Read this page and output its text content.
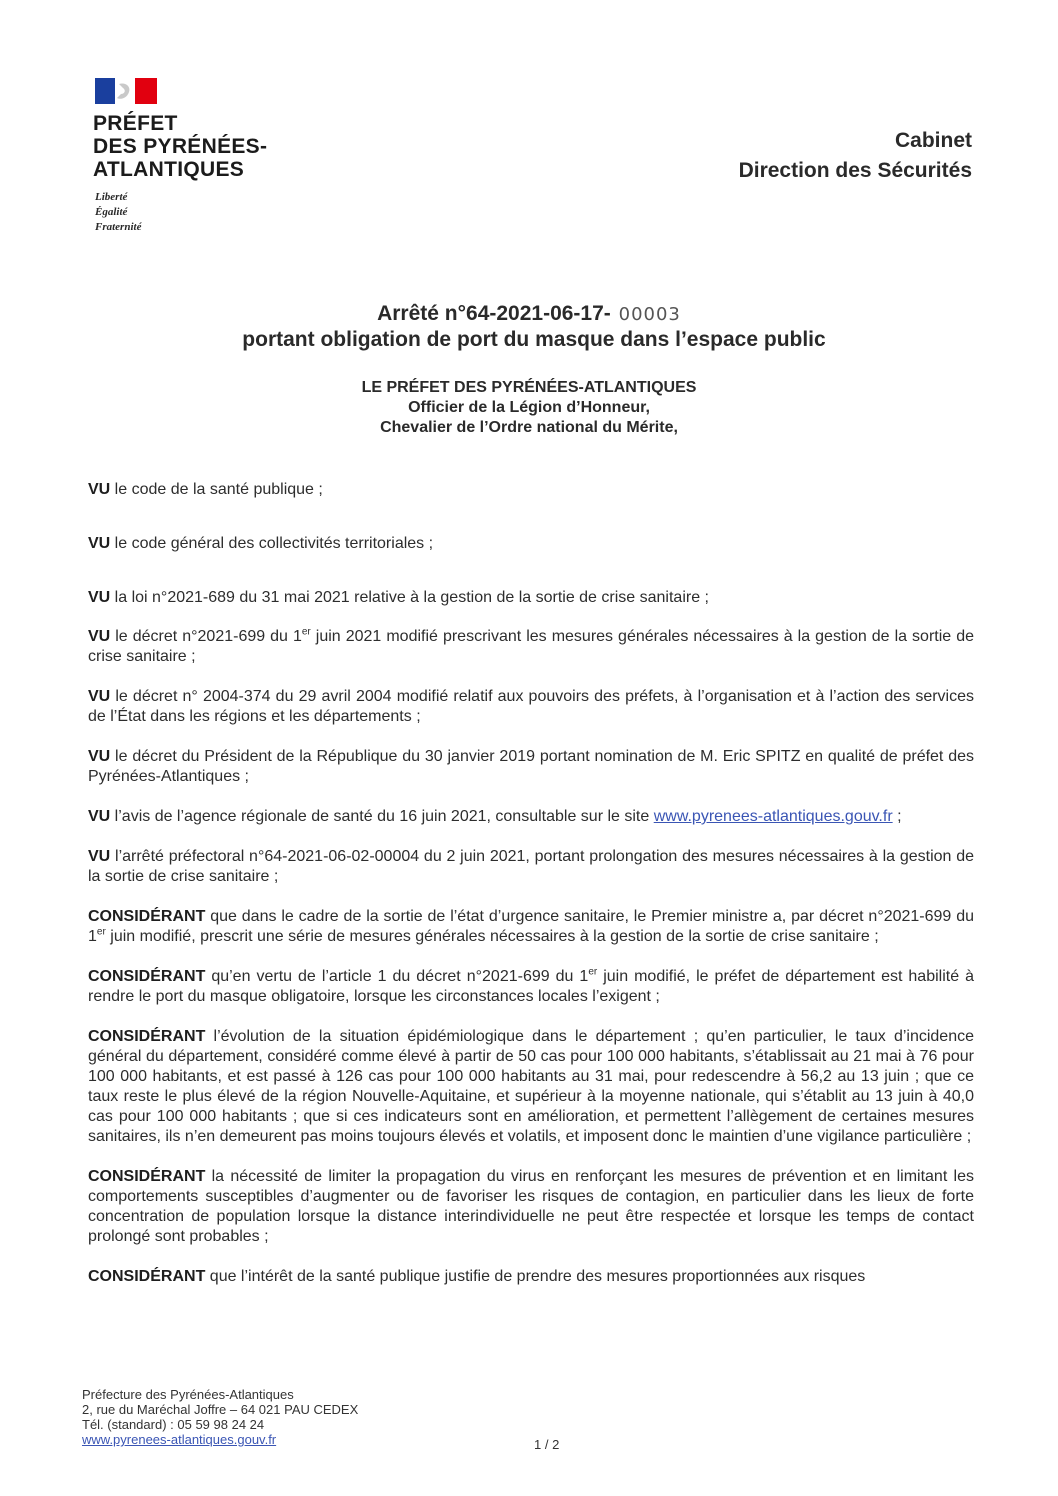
PRÉFET
DES PYRÉNÉES-
ATLANTIQUES
Liberté
Égalité
Fraternité
Cabinet
Direction des Sécurités
Arrêté n°64-2021-06-17- 00003
portant obligation de port du masque dans l’espace public
LE PRÉFET DES PYRÉNÉES-ATLANTIQUES
Officier de la Légion d’Honneur,
Chevalier de l’Ordre national du Mérite,

VU le code de la santé publique ;

VU le code général des collectivités territoriales ;

VU la loi n°2021-689 du 31 mai 2021 relative à la gestion de la sortie de crise sanitaire ;

VU le décret n°2021-699 du 1er juin 2021 modifié prescrivant les mesures générales nécessaires à la gestion de la sortie de crise sanitaire ;

VU le décret n° 2004-374 du 29 avril 2004 modifié relatif aux pouvoirs des préfets, à l’organisation et à l’action des services de l’État dans les régions et les départements ;

VU le décret du Président de la République du 30 janvier 2019 portant nomination de M. Eric SPITZ en qualité de préfet des Pyrénées-Atlantiques ;

VU l’avis de l’agence régionale de santé du 16 juin 2021, consultable sur le site www.pyrenees-atlantiques.gouv.fr ;

VU l’arrêté préfectoral n°64-2021-06-02-00004 du 2 juin 2021, portant prolongation des mesures nécessaires à la gestion de la sortie de crise sanitaire ;

CONSIDÉRANT que dans le cadre de la sortie de l’état d’urgence sanitaire, le Premier ministre a, par décret n°2021-699 du 1er juin modifié, prescrit une série de mesures générales nécessaires à la gestion de la sortie de crise sanitaire ;

CONSIDÉRANT qu’en vertu de l’article 1 du décret n°2021-699 du 1er juin modifié, le préfet de département est habilité à rendre le port du masque obligatoire, lorsque les circonstances locales l’exigent ;

CONSIDÉRANT l’évolution de la situation épidémiologique dans le département ; qu’en particulier, le taux d’incidence général du département, considéré comme élevé à partir de 50 cas pour 100 000 habitants, s’établissait au 21 mai à 76 pour 100 000 habitants, et est passé à 126 cas pour 100 000 habitants au 31 mai, pour redescendre à 56,2 au 13 juin ; que ce taux reste le plus élevé de la région Nouvelle-Aquitaine, et supérieur à la moyenne nationale, qui s’établit au 13 juin à 40,0 cas pour 100 000 habitants ; que si ces indicateurs sont en amélioration, et permettent l’allègement de certaines mesures sanitaires, ils n’en demeurent pas moins toujours élevés et volatils, et imposent donc le maintien d’une vigilance particulière ;

CONSIDÉRANT la nécessité de limiter la propagation du virus en renforçant les mesures de prévention et en limitant les comportements susceptibles d’augmenter ou de favoriser les risques de contagion, en particulier dans les lieux de forte concentration de population lorsque la distance interindividuelle ne peut être respectée et lorsque les temps de contact prolongé sont probables ;

CONSIDÉRANT que l’intérêt de la santé publique justifie de prendre des mesures proportionnées aux risques

Préfecture des Pyrénées-Atlantiques
2, rue du Maréchal Joffre – 64 021 PAU CEDEX
Tél. (standard) : 05 59 98 24 24
www.pyrenees-atlantiques.gouv.fr	1 / 2
